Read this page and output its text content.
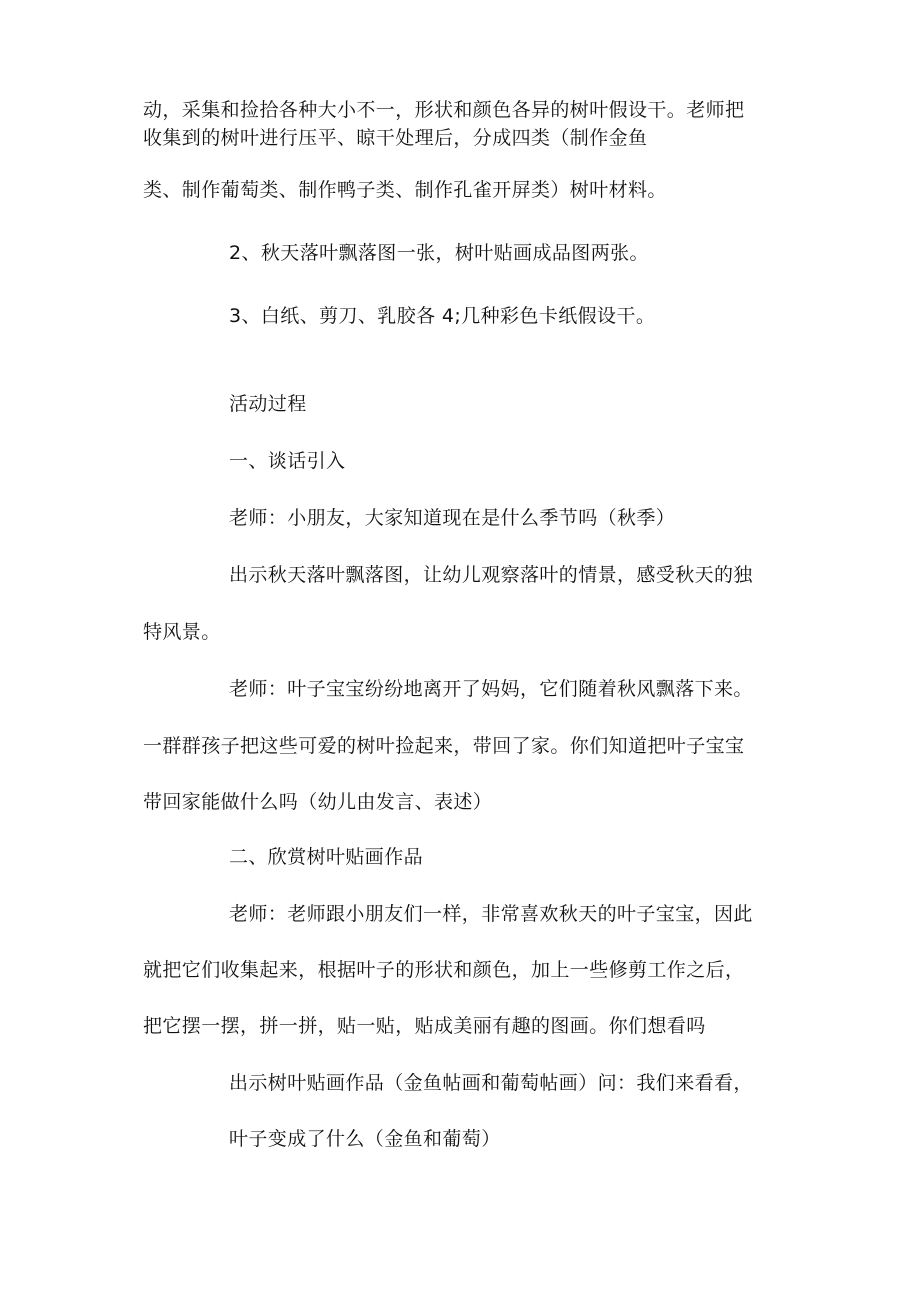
动，采集和捡拾各种大小不一，形状和颜色各异的树叶假设干。老师把
收集到的树叶进行压平、晾干处理后，分成四类（制作金鱼
类、制作葡萄类、制作鸭子类、制作孔雀开屏类）树叶材料。
2、秋天落叶飘落图一张，树叶贴画成品图两张。
3、白纸、剪刀、乳胶各 4;几种彩色卡纸假设干。
活动过程
一、谈话引入
老师：小朋友，大家知道现在是什么季节吗（秋季）
出示秋天落叶飘落图，让幼儿观察落叶的情景，感受秋天的独
特风景。
老师：叶子宝宝纷纷地离开了妈妈，它们随着秋风飘落下来。
一群群孩子把这些可爱的树叶捡起来，带回了家。你们知道把叶子宝宝
带回家能做什么吗（幼儿由发言、表述）
二、欣赏树叶贴画作品
老师：老师跟小朋友们一样，非常喜欢秋天的叶子宝宝，因此
就把它们收集起来，根据叶子的形状和颜色，加上一些修剪工作之后，
把它摆一摆，拼一拼，贴一贴，贴成美丽有趣的图画。你们想看吗
出示树叶贴画作品（金鱼帖画和葡萄帖画）问：我们来看看，
叶子变成了什么（金鱼和葡萄）
